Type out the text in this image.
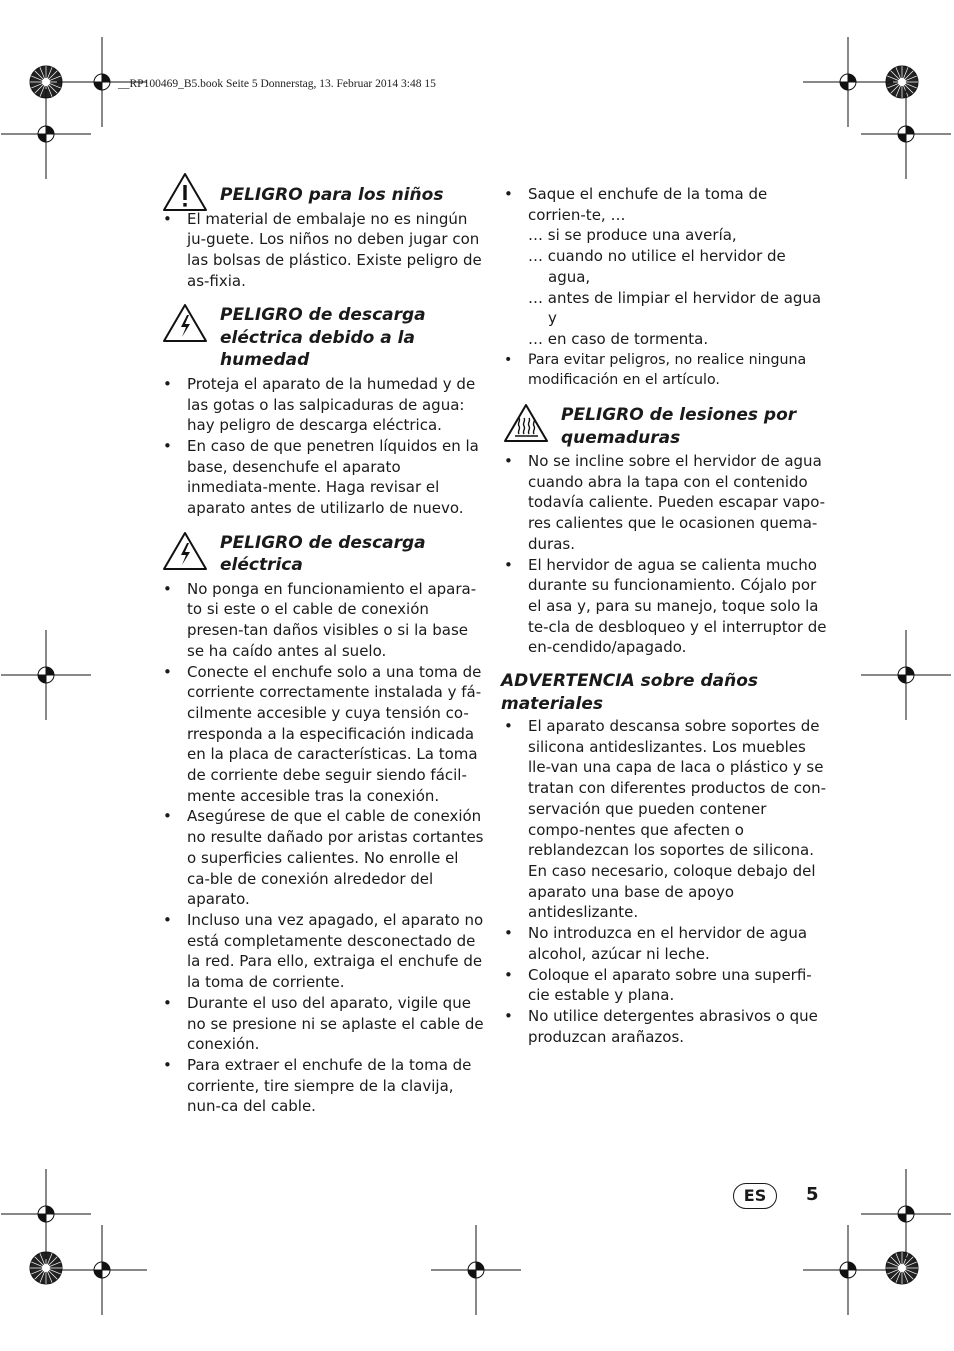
__RP100469_B5.book Seite 5 Donnerstag, 13. Februar 2014 3:48 15
PELIGRO para los niños
• El material de embalaje no es ningún ju-guete. Los niños no deben jugar con las bolsas de plástico. Existe peligro de as-fixia.
PELIGRO de descarga
eléctrica debido a la
humedad
• Proteja el aparato de la humedad y de las gotas o las salpicaduras de agua: hay peligro de descarga eléctrica.
• En caso de que penetren líquidos en la base, desenchufe el aparato inmediata-mente. Haga revisar el aparato antes de utilizarlo de nuevo.
PELIGRO de descarga
eléctrica
• No ponga en funcionamiento el apara-to si este o el cable de conexión presen-tan daños visibles o si la base se ha caído antes al suelo.
• Conecte el enchufe solo a una toma de corriente correctamente instalada y fá-cilmente accesible y cuya tensión co-rresponda a la especificación indicada en la placa de características. La toma de corriente debe seguir siendo fácil-mente accesible tras la conexión.
• Asegúrese de que el cable de conexión no resulte dañado por aristas cortantes o superficies calientes. No enrolle el ca-ble de conexión alrededor del aparato.
• Incluso una vez apagado, el aparato no está completamente desconectado de la red. Para ello, extraiga el enchufe de la toma de corriente.
• Durante el uso del aparato, vigile que no se presione ni se aplaste el cable de conexión.
• Para extraer el enchufe de la toma de corriente, tire siempre de la clavija, nun-ca del cable.
• Saque el enchufe de la toma de corrien-te, …
… si se produce una avería,
… cuando no utilice el hervidor de agua,
… antes de limpiar el hervidor de agua y
… en caso de tormenta.
• Para evitar peligros, no realice ninguna modificación en el artículo.
PELIGRO de lesiones por
quemaduras
• No se incline sobre el hervidor de agua cuando abra la tapa con el contenido todavía caliente. Pueden escapar vapo-res calientes que le ocasionen quema-duras.
• El hervidor de agua se calienta mucho durante su funcionamiento. Cójalo por el asa y, para su manejo, toque solo la te-cla de desbloqueo y el interruptor de en-cendido/apagado.
ADVERTENCIA sobre daños
materiales
• El aparato descansa sobre soportes de silicona antideslizantes. Los muebles lle-van una capa de laca o plástico y se tratan con diferentes productos de con-servación que pueden contener compo-nentes que afecten o reblandezcan los soportes de silicona. En caso necesario, coloque debajo del aparato una base de apoyo antideslizante.
• No introduzca en el hervidor de agua alcohol, azúcar ni leche.
• Coloque el aparato sobre una superfi-cie estable y plana.
• No utilice detergentes abrasivos o que produzcan arañazos.
ES	5
